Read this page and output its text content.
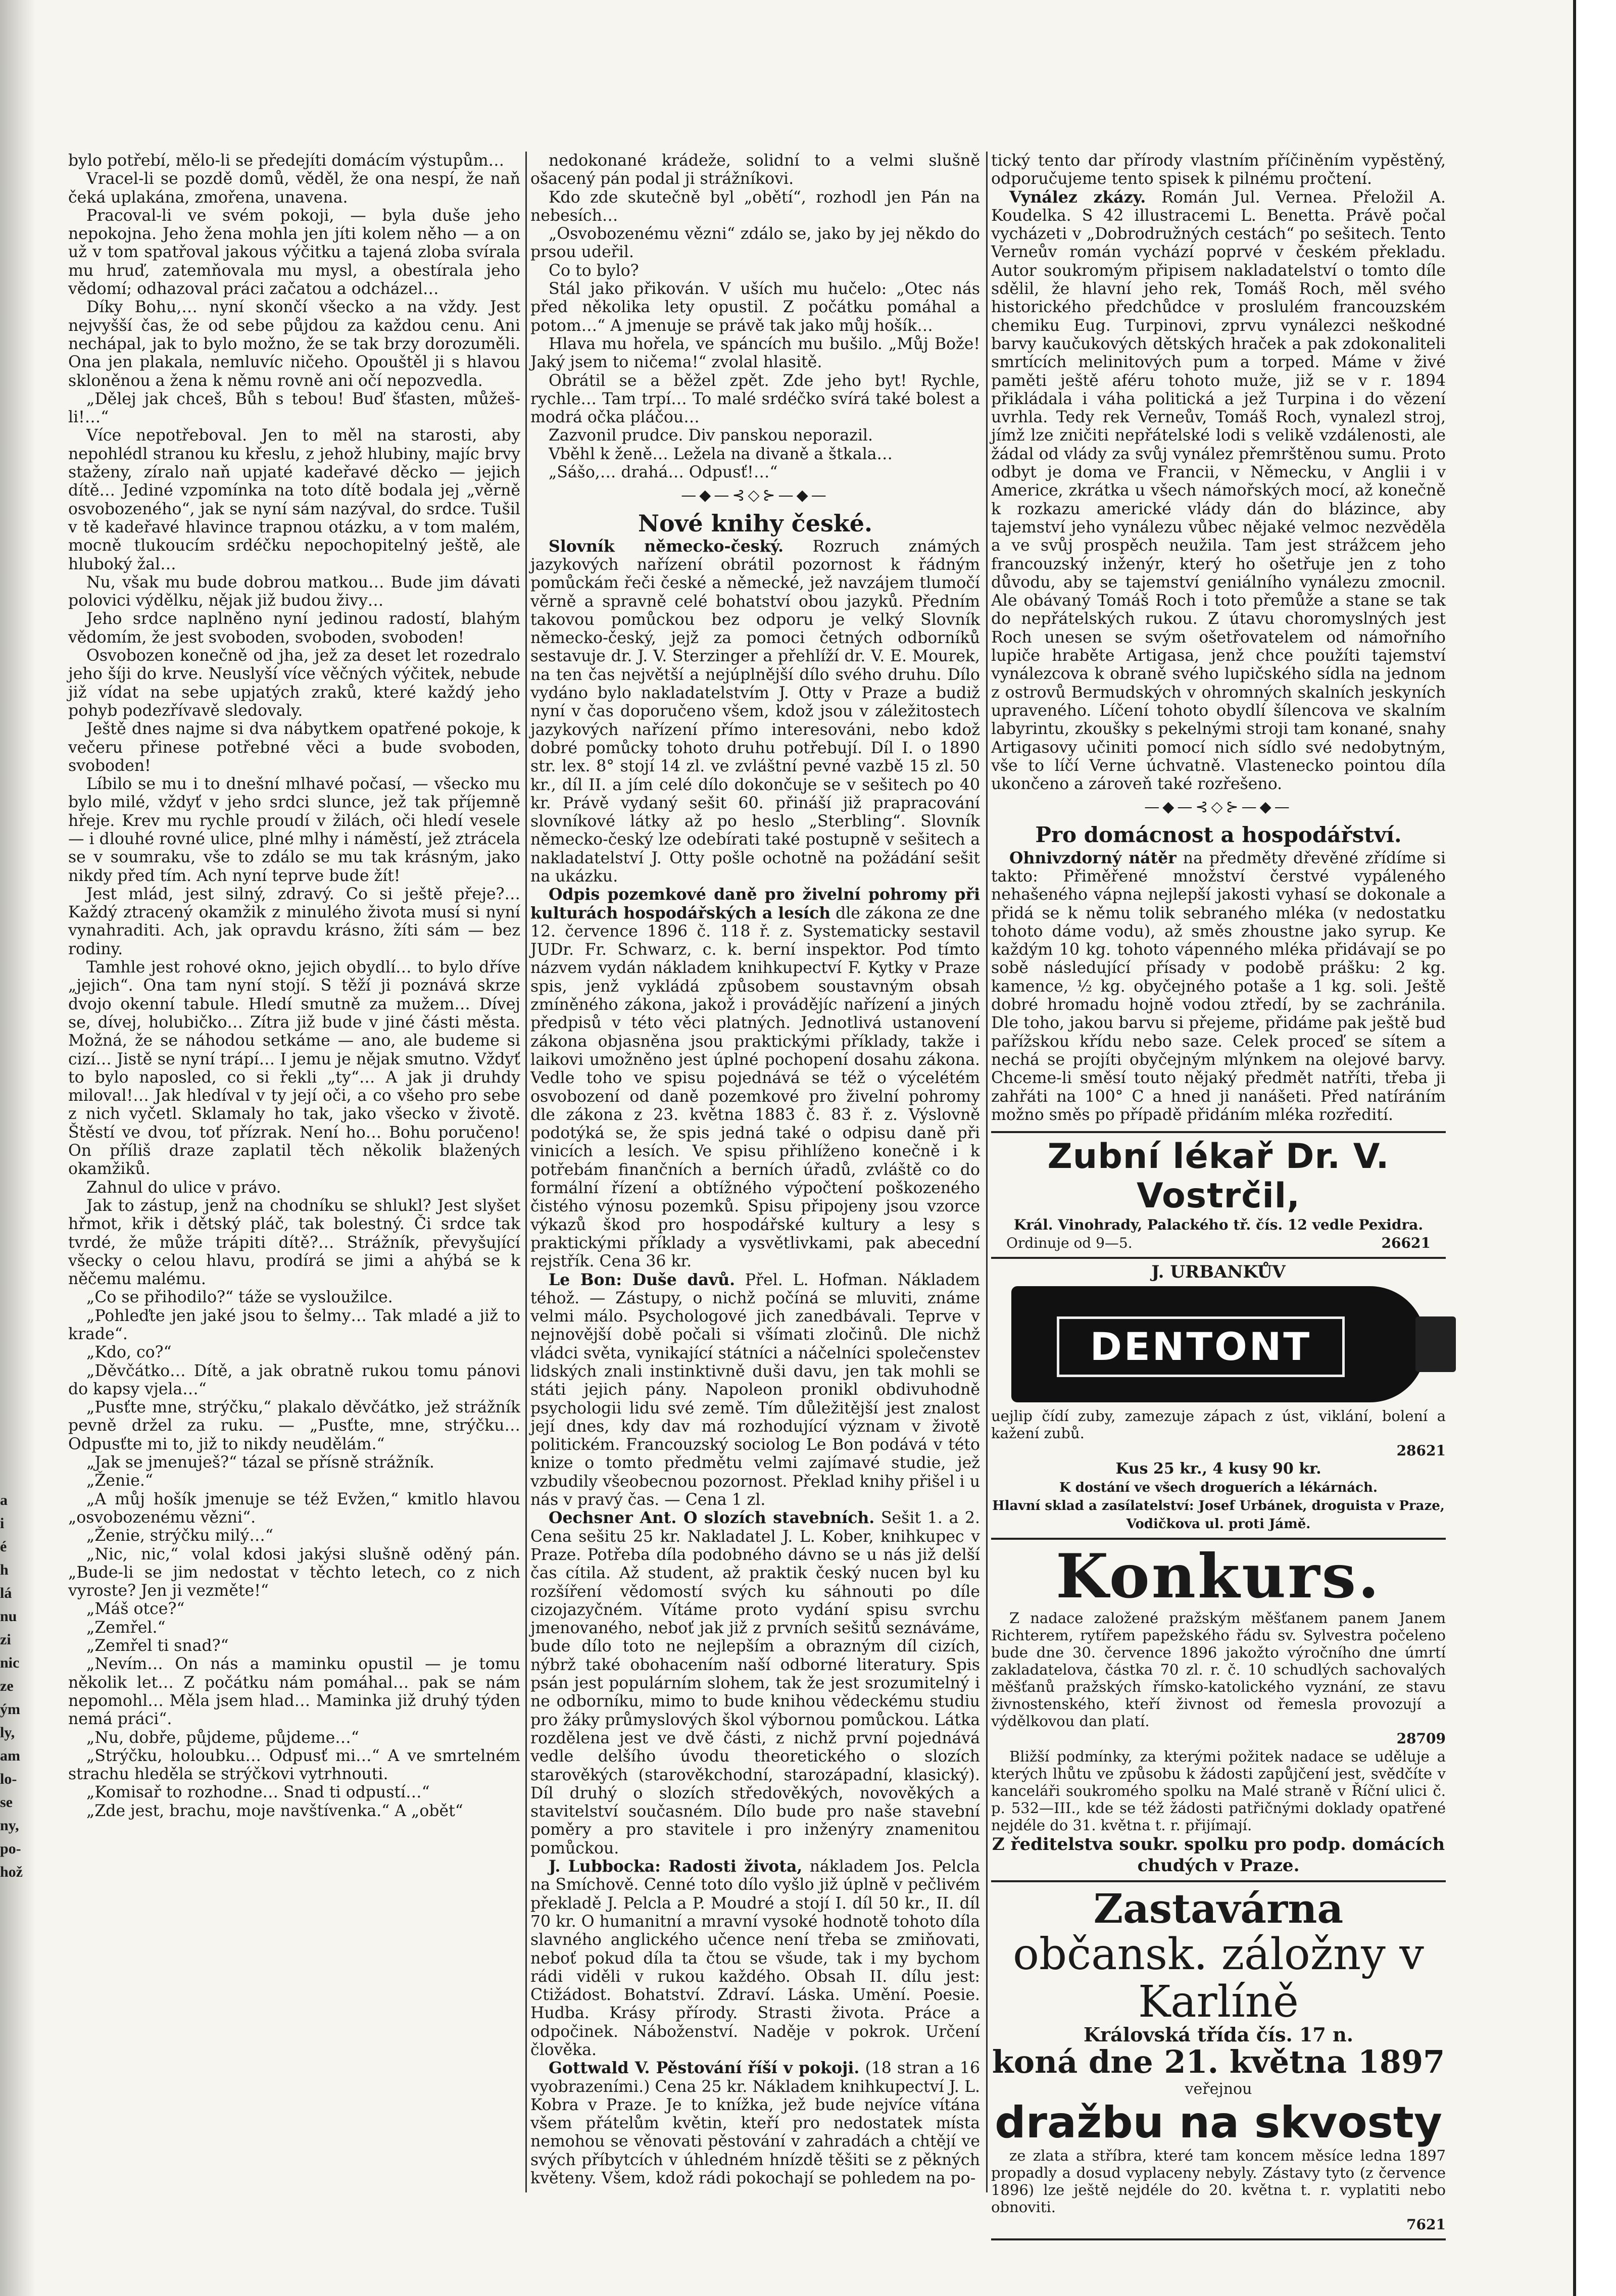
a
i
é
h
lá
nu
zi
nic
ze
ým
ly,
am
lo-
se
ny,
po-
hož

bylo potřebí, mělo-li se předejíti domácím výstupům…

Vracel-li se pozdě domů, věděl, že ona nespí, že naň čeká uplakána, zmořena, unavena.

Pracoval-li ve svém pokoji, — byla duše jeho nepokojna. Jeho žena mohla jen jíti kolem něho — a on už v tom spatřoval jakous výčitku a tajená zloba svírala mu hruď, zatemňovala mu mysl, a obestírala jeho vědomí; odhazoval práci začatou a odcházel…

Díky Bohu,… nyní skončí všecko a na vždy. Jest nejvyšší čas, že od sebe půjdou za každou cenu. Ani nechápal, jak to bylo možno, že se tak brzy dorozuměli. Ona jen plakala, nemluvíc ničeho. Opouštěl ji s hlavou skloněnou a žena k němu rovně ani očí nepozvedla.

„Dělej jak chceš, Bůh s tebou! Buď šťasten, můžeš-li!…“

Více nepotřeboval. Jen to měl na starosti, aby nepohlédl stranou ku křeslu, z jehož hlubiny, majíc brvy staženy, zíralo naň upjaté kadeřavé děcko — jejich dítě… Jediné vzpomínka na toto dítě bodala jej „věrně osvobozeného“, jak se nyní sám nazýval, do srdce. Tušil v tě kadeřavé hlavince trapnou otázku, a v tom malém, mocně tlukoucím srdéčku nepochopitelný ještě, ale hluboký žal…

Nu, však mu bude dobrou matkou… Bude jim dávati polovici výdělku, nějak již budou živy…

Jeho srdce naplněno nyní jedinou radostí, blahým vědomím, že jest svoboden, svoboden, svoboden!

Osvobozen konečně od jha, jež za deset let rozedralo jeho šíji do krve. Neuslyší více věčných výčitek, nebude již vídat na sebe upjatých zraků, které každý jeho pohyb podezřívavě sledovaly.

Ještě dnes najme si dva nábytkem opatřené pokoje, k večeru přinese potřebné věci a bude svoboden, svoboden!

Líbilo se mu i to dnešní mlhavé počasí, — všecko mu bylo milé, vždyť v jeho srdci slunce, jež tak příjemně hřeje. Krev mu rychle proudí v žilách, oči hledí vesele — i dlouhé rovné ulice, plné mlhy i náměstí, jež ztrácela se v soumraku, vše to zdálo se mu tak krásným, jako nikdy před tím. Ach nyní teprve bude žít!

Jest mlád, jest silný, zdravý. Co si ještě přeje?… Každý ztracený okamžik z minulého života musí si nyní vynahraditi. Ach, jak opravdu krásno, žíti sám — bez rodiny.

Tamhle jest rohové okno, jejich obydlí… to bylo dříve „jejich“. Ona tam nyní stojí. S těží ji poznává skrze dvojo okenní tabule. Hledí smutně za mužem… Dívej se, dívej, holubičko… Zítra již bude v jiné části města. Možná, že se náhodou setkáme — ano, ale budeme si cizí… Jistě se nyní trápí… I jemu je nějak smutno. Vždyť to bylo naposled, co si řekli „ty“… A jak ji druhdy miloval!… Jak hledíval v ty její oči, a co všeho pro sebe z nich vyčetl. Sklamaly ho tak, jako všecko v životě. Štěstí ve dvou, toť přízrak. Není ho… Bohu poručeno! On příliš draze zaplatil těch několik blažených okamžiků.

Zahnul do ulice v právo.

Jak to zástup, jenž na chodníku se shlukl? Jest slyšet hřmot, křik i dětský pláč, tak bolestný. Či srdce tak tvrdé, že může trápiti dítě?… Strážník, převyšující všecky o celou hlavu, prodírá se jimi a ahýbá se k něčemu malému.

„Co se přihodilo?“ táže se vysloužilce.

„Pohleďte jen jaké jsou to šelmy… Tak mladé a již to krade“.

„Kdo, co?“

„Děvčátko… Dítě, a jak obratně rukou tomu pánovi do kapsy vjela…“

„Pusťte mne, strýčku,“ plakalo děvčátko, jež strážník pevně držel za ruku. — „Pusťte, mne, strýčku… Odpusťte mi to, již to nikdy neudělám.“

„Jak se jmenuješ?“ tázal se přísně strážník.

„Ženie.“

„A můj hošík jmenuje se též Evžen,“ kmitlo hlavou „osvobozenému vězni“.

„Ženie, strýčku milý…“

„Nic, nic,“ volal kdosi jakýsi slušně oděný pán. „Bude-li se jim nedostat v těchto letech, co z nich vyroste? Jen ji vezměte!“

„Máš otce?“

„Zemřel.“

„Zemřel ti snad?“

„Nevím… On nás a maminku opustil — je tomu několik let… Z počátku nám pomáhal… pak se nám nepomohl… Měla jsem hlad… Maminka již druhý týden nemá práci“.

„Nu, dobře, půjdeme, půjdeme…“

„Strýčku, holoubku… Odpusť mi…“ A ve smrtelném strachu hleděla se strýčkovi vytrhnouti.

„Komisař to rozhodne… Snad ti odpustí…“

„Zde jest, brachu, moje navštívenka.“ A „obět“

nedokonané krádeže, solidní to a velmi slušně ošacený pán podal ji strážníkovi.

Kdo zde skutečně byl „obětí“, rozhodl jen Pán na nebesích…

„Osvobozenému vězni“ zdálo se, jako by jej někdo do prsou udeřil.

Co to bylo?

Stál jako přikován. V uších mu hučelo: „Otec nás před několika lety opustil. Z počátku pomáhal a potom…“ A jmenuje se právě tak jako můj hošík…

Hlava mu hořela, ve spáncích mu bušilo. „Můj Bože! Jaký jsem to ničema!“ zvolal hlasitě.

Obrátil se a běžel zpět. Zde jeho byt! Rychle, rychle… Tam trpí… To malé srdéčko svírá také bolest a modrá očka pláčou…

Zazvonil prudce. Div panskou neporazil.

Vběhl k ženě… Ležela na divaně a štkala…

„Sášo,… drahá… Odpusť!…“

—◆—⊰◇⊱—◆—
Nové knihy české.

Slovník německo-český. Rozruch známých jazykových nařízení obrátil pozornost k řádným pomůckám řeči české a německé, jež navzájem tlumočí věrně a spravně celé bohatství obou jazyků. Předním takovou pomůckou bez odporu je velký Slovník německo-český, jejž za pomoci četných odborníků sestavuje dr. J. V. Sterzinger a přehlíží dr. V. E. Mourek, na ten čas největší a nejúplnější dílo svého druhu. Dílo vydáno bylo nakladatelstvím J. Otty v Praze a budiž nyní v čas doporučeno všem, kdož jsou v záležitostech jazykových nařízení přímo interesováni, nebo kdož dobré pomůcky tohoto druhu potřebují. Díl I. o 1890 str. lex. 8° stojí 14 zl. ve zvláštní pevné vazbě 15 zl. 50 kr., díl II. a jím celé dílo dokončuje se v sešitech po 40 kr. Právě vydaný sešit 60. přináší již prapracování slovníkové látky až po heslo „Sterbling“. Slovník německo-český lze odebírati také postupně v sešitech a nakladatelství J. Otty pošle ochotně na požádání sešit na ukázku.

Odpis pozemkové daně pro živelní pohromy při kulturách hospodářských a lesích dle zákona ze dne 12. července 1896 č. 118 ř. z. Systematicky sestavil JUDr. Fr. Schwarz, c. k. berní inspektor. Pod tímto názvem vydán nákladem knihkupectví F. Kytky v Praze spis, jenž vykládá způsobem soustavným obsah zmíněného zákona, jakož i provádějíc nařízení a jiných předpisů v této věci platných. Jednotlivá ustanovení zákona objasněna jsou praktickými příklady, takže i laikovi umožněno jest úplné pochopení dosahu zákona. Vedle toho ve spisu pojednává se též o výcelétém osvobození od daně pozemkové pro živelní pohromy dle zákona z 23. května 1883 č. 83 ř. z. Výslovně podotýká se, že spis jedná také o odpisu daně při vinicích a lesích. Ve spisu přihlíženo konečně i k potřebám finančních a berních úřadů, zvláště co do formální řízení a obtížného výpočtení poškozeného čistého výnosu pozemků. Spisu připojeny jsou vzorce výkazů škod pro hospodářské kultury a lesy s praktickými příklady a vysvětlivkami, pak abecední rejstřík. Cena 36 kr.

Le Bon: Duše davů. Přel. L. Hofman. Nákladem téhož. — Zástupy, o nichž počíná se mluviti, známe velmi málo. Psychologové jich zanedbávali. Teprve v nejnovější době počali si všímati zločinů. Dle nichž vládci světa, vynikající státníci a náčelníci společenstev lidských znali instinktivně duši davu, jen tak mohli se státi jejich pány. Napoleon pronikl obdivuhodně psychologii lidu své země. Tím důležitější jest znalost její dnes, kdy dav má rozhodující význam v životě politickém. Francouzský sociolog Le Bon podává v této knize o tomto předmětu velmi zajímavé studie, jež vzbudily všeobecnou pozornost. Překlad knihy přišel i u nás v pravý čas. — Cena 1 zl.

Oechsner Ant. O slozích stavebních. Sešit 1. a 2. Cena sešitu 25 kr. Nakladatel J. L. Kober, knihkupec v Praze. Potřeba díla podobného dávno se u nás již delší čas cítila. Až student, až praktik český nucen byl ku rozšíření vědomostí svých ku sáhnouti po díle cizojazyčném. Vítáme proto vydání spisu svrchu jmenovaného, neboť jak již z prvních sešitů seznáváme, bude dílo toto ne nejlepším a obrazným díl cizích, nýbrž také obohacením naší odborné literatury. Spis psán jest populárním slohem, tak že jest srozumitelný i ne odborníku, mimo to bude knihou vědeckému studiu pro žáky průmyslových škol výbornou pomůckou. Látka rozdělena jest ve dvě části, z nichž první pojednává vedle delšího úvodu theoretického o slozích starověkých (starověkchodní, starozápadní, klasický). Díl druhý o slozích středověkých, novověkých a stavitelství současném. Dílo bude pro naše stavební poměry a pro stavitele i pro inženýry znamenitou pomůckou.

J. Lubbocka: Radosti života, nákladem Jos. Pelcla na Smíchově. Cenné toto dílo vyšlo již úplně v pečlivém překladě J. Pelcla a P. Moudré a stojí I. díl 50 kr., II. díl 70 kr. O humanitní a mravní vysoké hodnotě tohoto díla slavného anglického učence není třeba se zmiňovati, neboť pokud díla ta čtou se všude, tak i my bychom rádi viděli v rukou každého. Obsah II. dílu jest: Ctižádost. Bohatství. Zdraví. Láska. Umění. Poesie. Hudba. Krásy přírody. Strasti života. Práce a odpočinek. Náboženství. Naděje v pokrok. Určení člověka.

Gottwald V. Pěstování říší v pokoji. (18 stran a 16 vyobrazeními.) Cena 25 kr. Nákladem knihkupectví J. L. Kobra v Praze. Je to knížka, jež bude nejvíce vítána všem přátelům květin, kteří pro nedostatek místa nemohou se věnovati pěstování v zahradách a chtějí ve svých příbytcích v úhledném hnízdě těšiti se z pěkných květeny. Všem, kdož rádi pokochají se pohledem na po-

tický tento dar přírody vlastním příčiněním vypěstěný, odporučujeme tento spisek k pilnému pročtení.

Vynález zkázy. Román Jul. Vernea. Přeložil A. Koudelka. S 42 illustracemi L. Benetta. Právě počal vycházeti v „Dobrodružných cestách“ po sešitech. Tento Verneův román vychází poprvé v českém překladu. Autor soukromým připisem nakladatelství o tomto díle sdělil, že hlavní jeho rek, Tomáš Roch, měl svého historického předchůdce v proslulém francouzském chemiku Eug. Turpinovi, zprvu vynálezci neškodné barvy kaučukových dětských hraček a pak zdokonaliteli smrtících melinitových pum a torped. Máme v živé paměti ještě aféru tohoto muže, již se v r. 1894 přikládala i váha politická a jež Turpina i do vězení uvrhla. Tedy rek Verneův, Tomáš Roch, vynalezl stroj, jímž lze zničiti nepřátelské lodi s velikě vzdálenosti, ale žádal od vlády za svůj vynález přemrštěnou sumu. Proto odbyt je doma ve Francii, v Německu, v Anglii i v Americe, zkrátka u všech námořských mocí, až konečně k rozkazu americké vlády dán do blázince, aby tajemství jeho vynálezu vůbec nějaké velmoc nezvěděla a ve svůj prospěch neužila. Tam jest strážcem jeho francouzský inženýr, který ho ošetřuje jen z toho důvodu, aby se tajemství geniálního vynálezu zmocnil. Ale obávaný Tomáš Roch i toto přemůže a stane se tak do nepřátelských rukou. Z útavu choromyslných jest Roch unesen se svým ošetřovatelem od námořního lupiče hraběte Artigasa, jenž chce použíti tajemství vynálezcova k obraně svého lupičského sídla na jednom z ostrovů Bermudských v ohromných skalních jeskyních upraveného. Líčení tohoto obydlí šílencova ve skalním labyrintu, zkoušky s pekelnými stroji tam konané, snahy Artigasovy učiniti pomocí nich sídlo své nedobytným, vše to líčí Verne úchvatně. Vlastenecko pointou díla ukončeno a zároveň také rozřešeno.

—◆—⊰◇⊱—◆—
Pro domácnost a hospodářství.

Ohnivzdorný nátěr na předměty dřevěné zřídíme si takto: Přiměřené množství čerstvé vypáleného nehašeného vápna nejlepší jakosti vyhasí se dokonale a přidá se k němu tolik sebraného mléka (v nedostatku tohoto dáme vodu), až směs zhoustne jako syrup. Ke každým 10 kg. tohoto vápenného mléka přidávají se po sobě následující přísady v podobě prášku: 2 kg. kamence, ½ kg. obyčejného potaše a 1 kg. soli. Ještě dobré hromadu hojně vodou ztředí, by se zachránila. Dle toho, jakou barvu si přejeme, přidáme pak ještě bud pařížskou křídu nebo saze. Celek proceď se sítem a nechá se projíti obyčejným mlýnkem na olejové barvy. Chceme-li směsí touto nějaký předmět natříti, třeba ji zahřáti na 100° C a hned ji nanášeti. Před natíráním možno směs po případě přidáním mléka rozředití.

Zubní lékař Dr. V. Vostrčil,
Král. Vinohrady, Palackého tř. čís. 12 vedle Pexidra.
Ordinuje od 9—5.	26621
J. URBANKŮV
DENTONT
uejlip čídí zuby, zamezuje zápach z úst, viklání, bolení a kažení zubů.
28621
Kus 25 kr., 4 kusy 90 kr.
K dostání ve všech droguerích a lékárnách.
Hlavní sklad a zasílatelství: Josef Urbánek, droguista v Praze, Vodičkova ul. proti Jámě.
Konkurs.

Z nadace založené pražským měšťanem panem Janem Richterem, rytířem papežského řádu sv. Sylvestra počeleno bude dne 30. července 1896 jakožto výročního dne úmrtí zakladatelova, částka 70 zl. r. č. 10 schudlých sachovalých měšťanů pražských římsko-katolického vyznání, ze stavu živnostenského, kteří živnost od řemesla provozují a výdělkovou dan platí.

28709

Bližší podmínky, za kterými požitek nadace se uděluje a kterých lhůtu ve způsobu k žádosti zapůjčení jest, svědčíte v kanceláři soukromého spolku na Malé straně v Říční ulici č. p. 532—III., kde se též žádosti patřičnými doklady opatřené nejdéle do 31. května t. r. přijímají.

Z ředitelstva soukr. spolku pro podp. domácích chudých v Praze.
Zastavárna
občansk. záložny v Karlíně
Královská třída čís. 17 n.
koná dne 21. května 1897
veřejnou
dražbu na skvosty

ze zlata a stříbra, které tam koncem měsíce ledna 1897 propadly a dosud vyplaceny nebyly. Zástavy tyto (z července 1896) lze ještě nejdéle do 20. května t. r. vyplatiti nebo obnoviti.

7621
